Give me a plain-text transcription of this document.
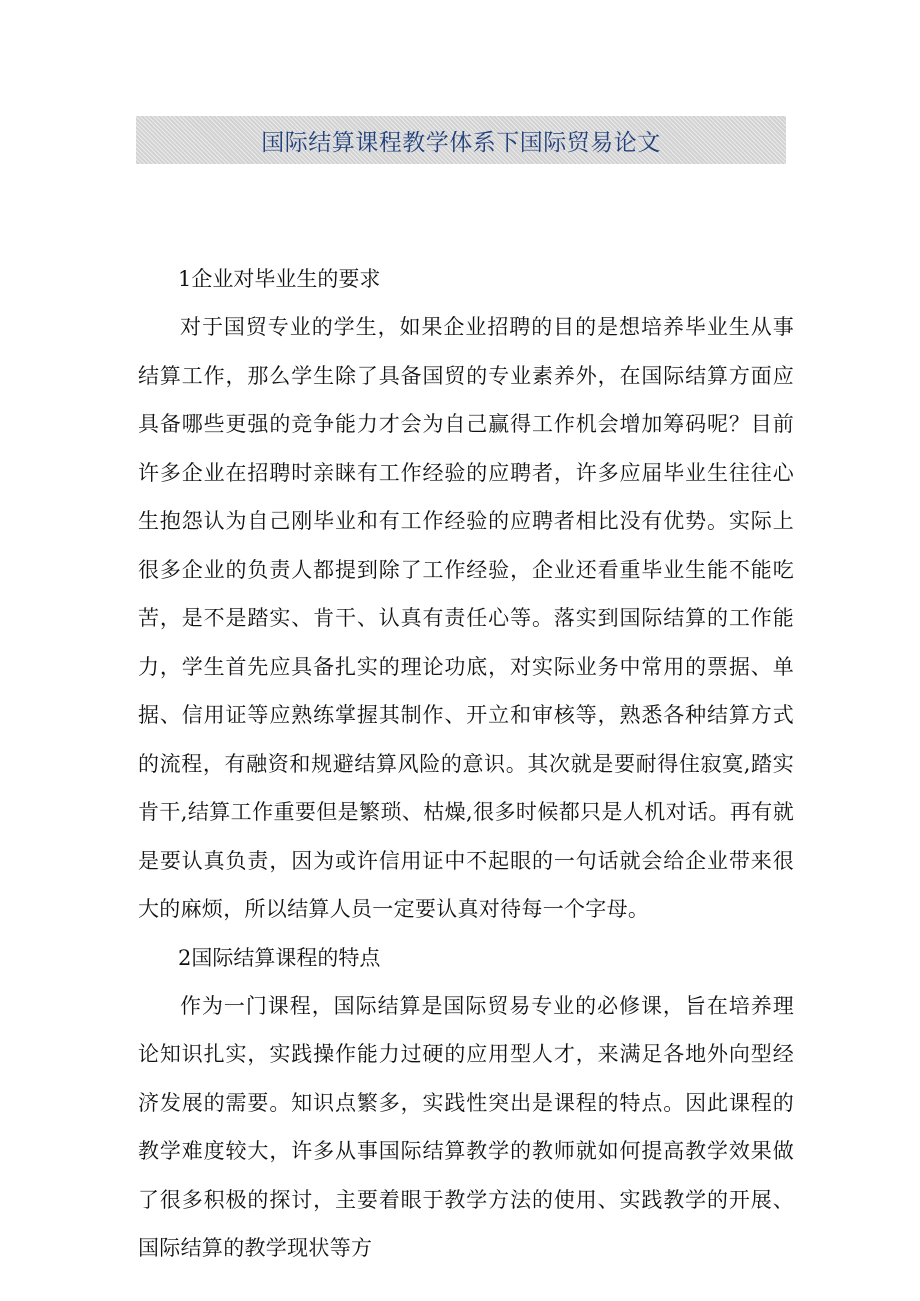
国际结算课程教学体系下国际贸易论文
1企业对毕业生的要求

对于国贸专业的学生，如果企业招聘的目的是想培养毕业生从事结算工作，那么学生除了具备国贸的专业素养外，在国际结算方面应具备哪些更强的竞争能力才会为自己赢得工作机会增加筹码呢？目前许多企业在招聘时亲睐有工作经验的应聘者，许多应届毕业生往往心生抱怨认为自己刚毕业和有工作经验的应聘者相比没有优势。实际上很多企业的负责人都提到除了工作经验，企业还看重毕业生能不能吃苦，是不是踏实、肯干、认真有责任心等。落实到国际结算的工作能力，学生首先应具备扎实的理论功底，对实际业务中常用的票据、单据、信用证等应熟练掌握其制作、开立和审核等，熟悉各种结算方式的流程，有融资和规避结算风险的意识。其次就是要耐得住寂寞,踏实肯干,结算工作重要但是繁琐、枯燥,很多时候都只是人机对话。再有就是要认真负责，因为或许信用证中不起眼的一句话就会给企业带来很大的麻烦，所以结算人员一定要认真对待每一个字母。

2国际结算课程的特点

作为一门课程，国际结算是国际贸易专业的必修课，旨在培养理论知识扎实，实践操作能力过硬的应用型人才，来满足各地外向型经济发展的需要。知识点繁多，实践性突出是课程的特点。因此课程的教学难度较大，许多从事国际结算教学的教师就如何提高教学效果做了很多积极的探讨，主要着眼于教学方法的使用、实践教学的开展、国际结算的教学现状等方
